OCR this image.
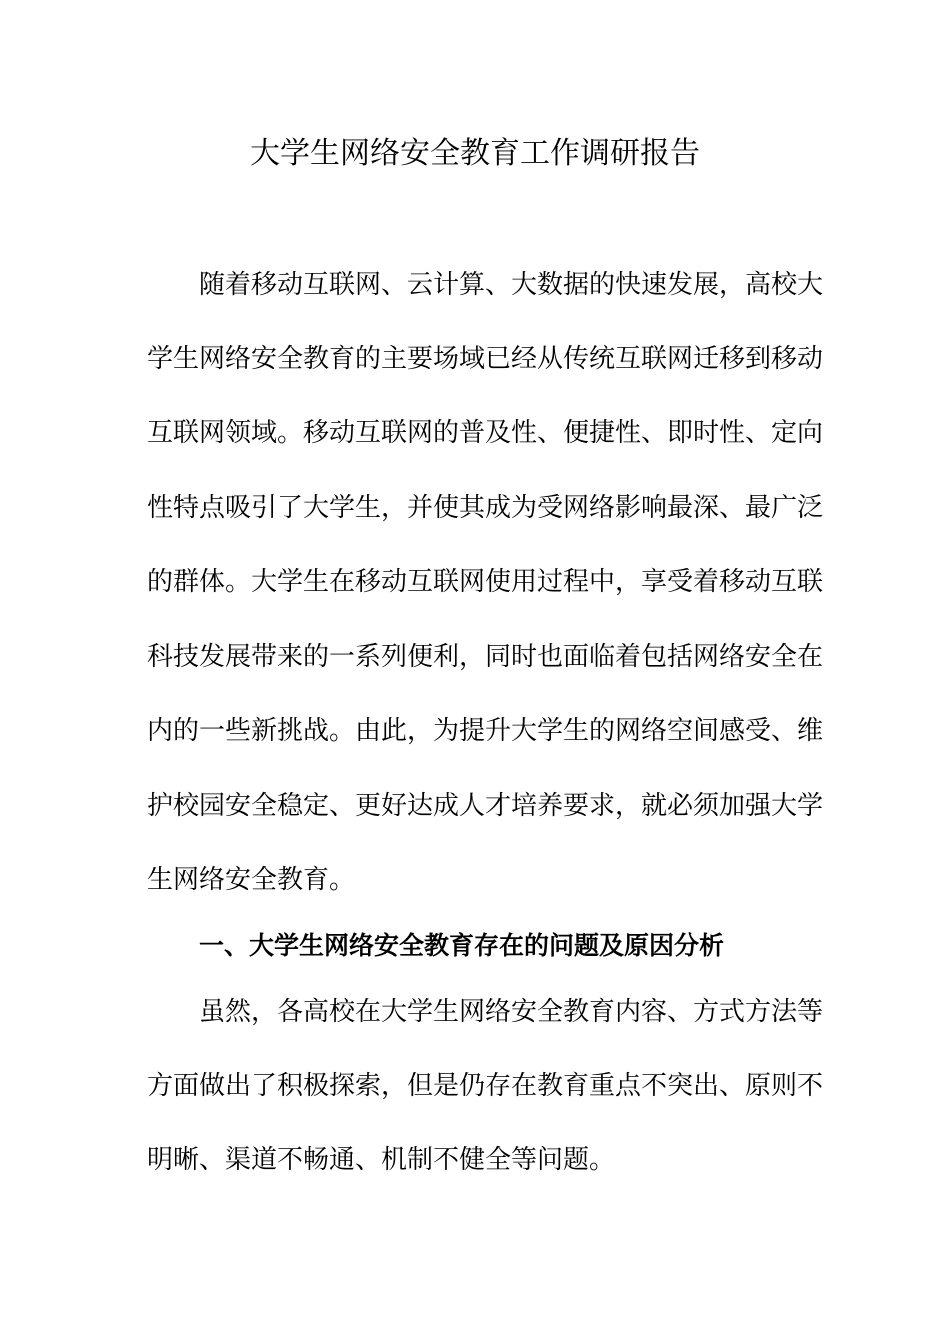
大学生网络安全教育工作调研报告

随着移动互联网、云计算、大数据的快速发展，高校大

学生网络安全教育的主要场域已经从传统互联网迁移到移动

互联网领域。移动互联网的普及性、便捷性、即时性、定向

性特点吸引了大学生，并使其成为受网络影响最深、最广泛

的群体。大学生在移动互联网使用过程中，享受着移动互联

科技发展带来的一系列便利，同时也面临着包括网络安全在

内的一些新挑战。由此，为提升大学生的网络空间感受、维

护校园安全稳定、更好达成人才培养要求，就必须加强大学

生网络安全教育。

一、大学生网络安全教育存在的问题及原因分析

虽然，各高校在大学生网络安全教育内容、方式方法等

方面做出了积极探索，但是仍存在教育重点不突出、原则不

明晰、渠道不畅通、机制不健全等问题。
